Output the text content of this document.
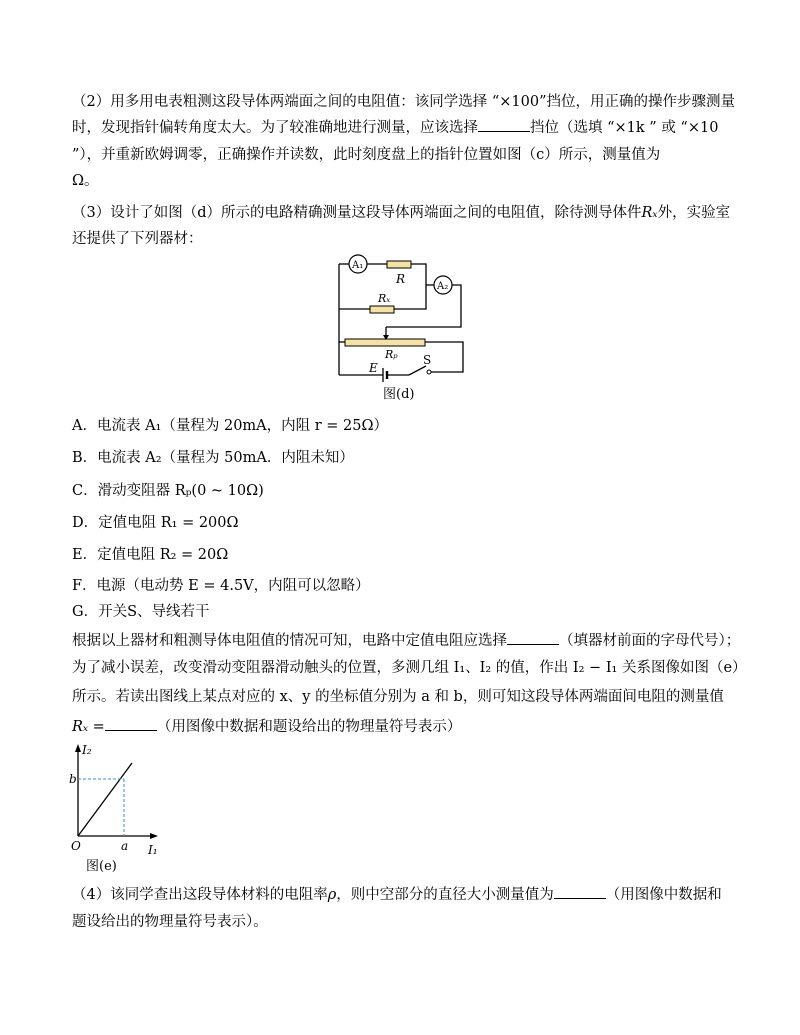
（2）用多用电表粗测这段导体两端面之间的电阻值：该同学选择 “×100”挡位，用正确的操作步骤测量
时，发现指针偏转角度太大。为了较准确地进行测量，应该选择	挡位（选填 “×1k ” 或 “×10
”），并重新欧姆调零，正确操作并读数，此时刻度盘上的指针位置如图（c）所示，测量值为
Ω。
（3）设计了如图（d）所示的电路精确测量这段导体两端面之间的电阻值，除待测导体件Rₓ外，实验室
还提供了下列器材：
A₁
A₂
R
Rₓ
Rₚ
E
S
图(d)
A．电流表 A₁（量程为 20mA，内阻 r = 25Ω）
B．电流表 A₂（量程为 50mA．内阻未知）
C．滑动变阻器 Rₚ(0 ~ 10Ω)
D．定值电阻 R₁ = 200Ω
E．定值电阻 R₂ = 20Ω
F．电源（电动势 E = 4.5V，内阻可以忽略）
G．开关S、导线若干
根据以上器材和粗测导体电阻值的情况可知，电路中定值电阻应选择	（填器材前面的字母代号）；
为了减小误差，改变滑动变阻器滑动触头的位置，多测几组 I₁、I₂ 的值，作出 I₂ − I₁ 关系图像如图（e）
所示。若读出图线上某点对应的 x、y 的坐标值分别为 a 和 b，则可知这段导体两端面间电阻的测量值
Rₓ =	（用图像中数据和题设给出的物理量符号表示）
I₂
b
a
O	I₁
图(e)
（4）该同学查出这段导体材料的电阻率ρ，则中空部分的直径大小测量值为	（用图像中数据和
题设给出的物理量符号表示）。
